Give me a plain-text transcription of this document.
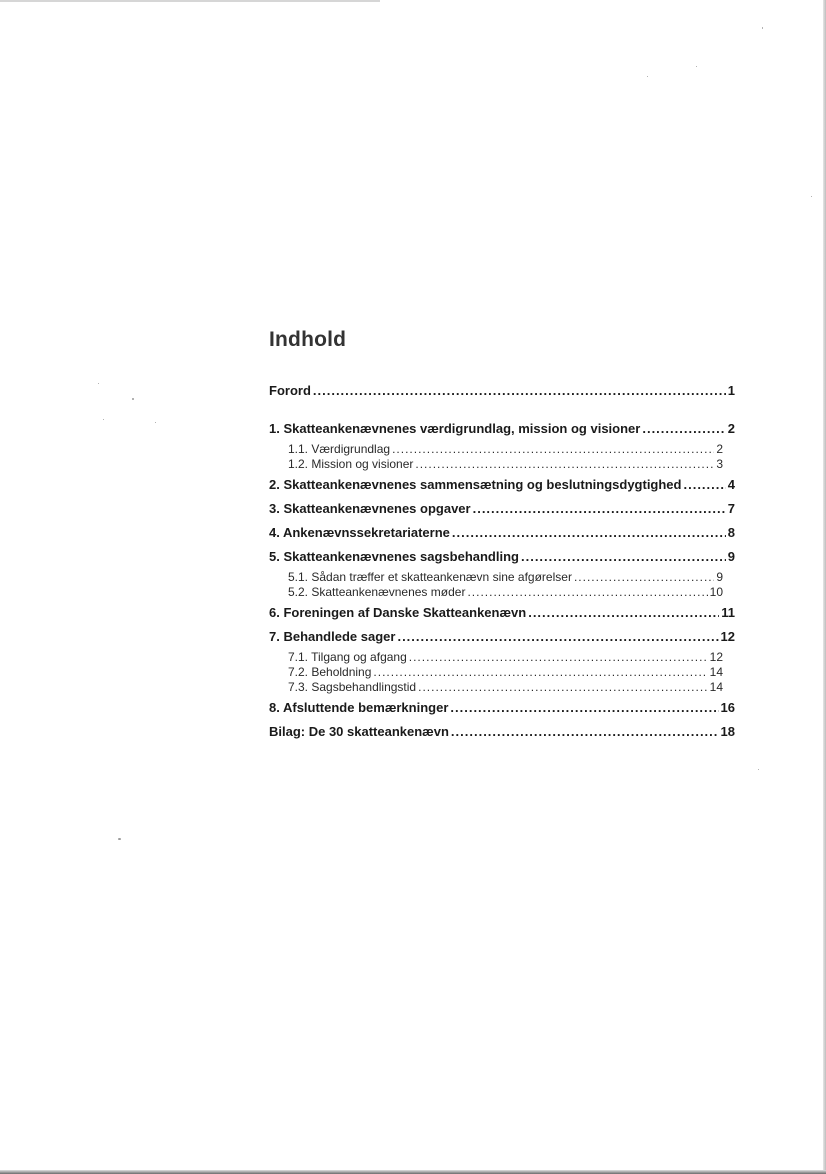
Indhold
Forord .....	1
1. Skatteankenævnenes værdigrundlag, mission og visioner .....	2
1.1. Værdigrundlag .....	2
1.2. Mission og visioner .....	3
2. Skatteankenævnenes sammensætning og beslutningsdygtighed .....	4
3. Skatteankenævnenes opgaver .....	7
4. Ankenævnssekretariaterne .....	8
5. Skatteankenævnenes sagsbehandling .....	9
5.1. Sådan træffer et skatteankenævn sine afgørelser .....	9
5.2. Skatteankenævnenes møder .....	10
6. Foreningen af Danske Skatteankenævn .....	11
7. Behandlede sager .....	12
7.1. Tilgang og afgang .....	12
7.2. Beholdning .....	14
7.3. Sagsbehandlingstid .....	14
8. Afsluttende bemærkninger .....	16
Bilag: De 30 skatteankenævn .....	18
